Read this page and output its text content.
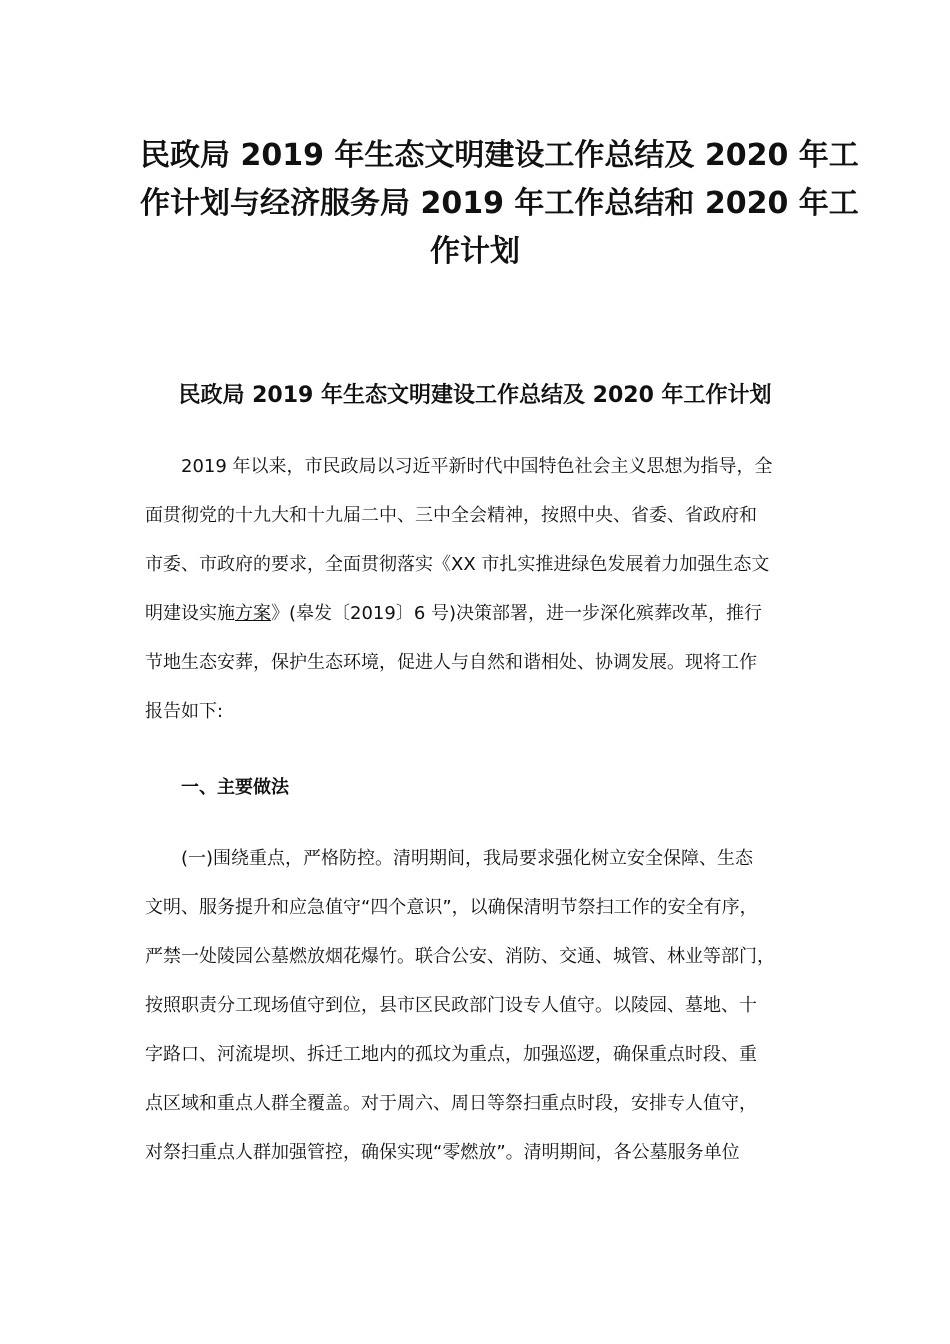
民政局 2019 年生态文明建设工作总结及 2020 年工
作计划与经济服务局 2019 年工作总结和 2020 年工
作计划
民政局 2019 年生态文明建设工作总结及 2020 年工作计划
2019 年以来，市民政局以习近平新时代中国特色社会主义思想为指导，全
面贯彻党的十九大和十九届二中、三中全会精神，按照中央、省委、省政府和
市委、市政府的要求，全面贯彻落实《XX 市扎实推进绿色发展着力加强生态文
明建设实施方案》(皋发〔2019〕6 号)决策部署，进一步深化殡葬改革，推行
节地生态安葬，保护生态环境，促进人与自然和谐相处、协调发展。现将工作
报告如下:
一、主要做法
(一)围绕重点，严格防控。清明期间，我局要求强化树立安全保障、生态
文明、服务提升和应急值守“四个意识”，以确保清明节祭扫工作的安全有序，
严禁一处陵园公墓燃放烟花爆竹。联合公安、消防、交通、城管、林业等部门，
按照职责分工现场值守到位，县市区民政部门设专人值守。以陵园、墓地、十
字路口、河流堤坝、拆迁工地内的孤坟为重点，加强巡逻，确保重点时段、重
点区域和重点人群全覆盖。对于周六、周日等祭扫重点时段，安排专人值守，
对祭扫重点人群加强管控，确保实现“零燃放”。清明期间，各公墓服务单位
